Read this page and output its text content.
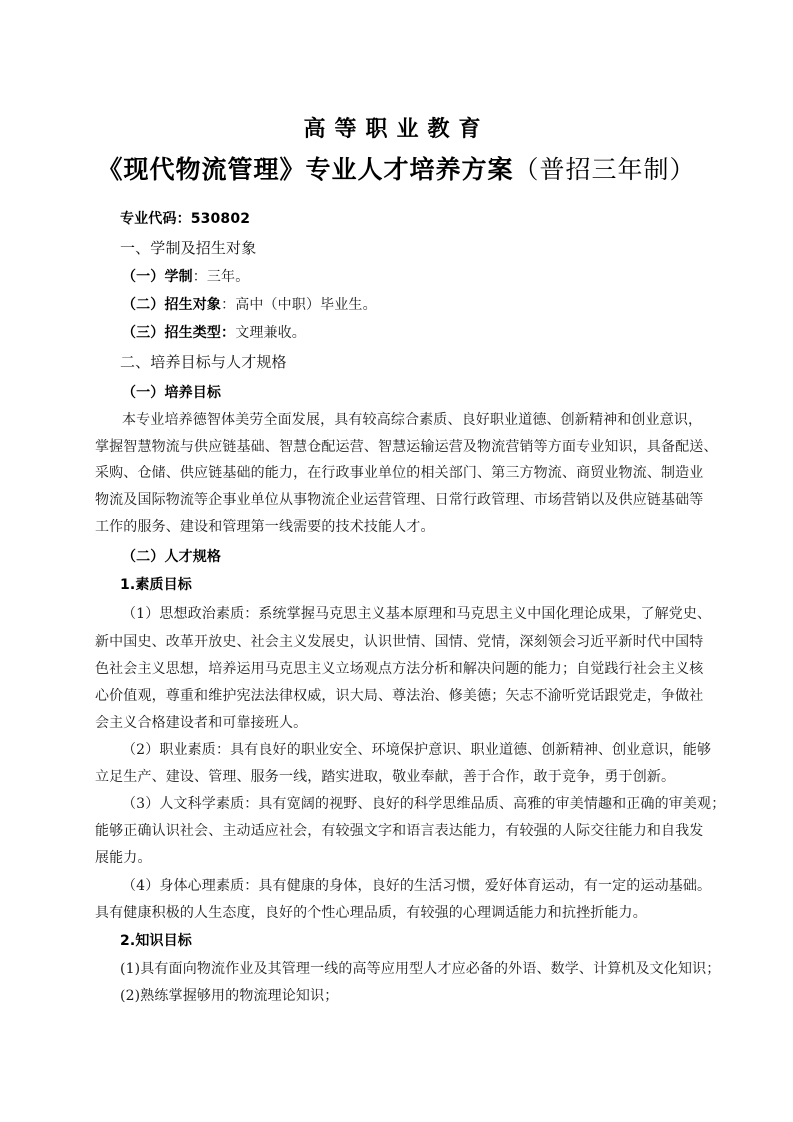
高等职业教育
《现代物流管理》专业人才培养方案（普招三年制）
专业代码：530802
一、学制及招生对象
（一）学制：三年。
（二）招生对象：高中（中职）毕业生。
（三）招生类型：文理兼收。
二、培养目标与人才规格
（一）培养目标
本专业培养德智体美劳全面发展，具有较高综合素质、良好职业道德、创新精神和创业意识，
掌握智慧物流与供应链基础、智慧仓配运营、智慧运输运营及物流营销等方面专业知识，具备配送、
采购、仓储、供应链基础的能力，在行政事业单位的相关部门、第三方物流、商贸业物流、制造业
物流及国际物流等企事业单位从事物流企业运营管理、日常行政管理、市场营销以及供应链基础等
工作的服务、建设和管理第一线需要的技术技能人才。
（二）人才规格
1.素质目标
（1）思想政治素质：系统掌握马克思主义基本原理和马克思主义中国化理论成果，了解党史、
新中国史、改革开放史、社会主义发展史，认识世情、国情、党情，深刻领会习近平新时代中国特
色社会主义思想，培养运用马克思主义立场观点方法分析和解决问题的能力；自觉践行社会主义核
心价值观，尊重和维护宪法法律权威，识大局、尊法治、修美德；矢志不渝听党话跟党走，争做社
会主义合格建设者和可靠接班人。
（2）职业素质：具有良好的职业安全、环境保护意识、职业道德、创新精神、创业意识，能够
立足生产、建设、管理、服务一线，踏实进取，敬业奉献，善于合作，敢于竞争，勇于创新。
（3）人文科学素质：具有宽阔的视野、良好的科学思维品质、高雅的审美情趣和正确的审美观；
能够正确认识社会、主动适应社会，有较强文字和语言表达能力，有较强的人际交往能力和自我发
展能力。
（4）身体心理素质：具有健康的身体，良好的生活习惯，爱好体育运动，有一定的运动基础。
具有健康积极的人生态度，良好的个性心理品质，有较强的心理调适能力和抗挫折能力。
2.知识目标
(1)具有面向物流作业及其管理一线的高等应用型人才应必备的外语、数学、计算机及文化知识；
(2)熟练掌握够用的物流理论知识；
